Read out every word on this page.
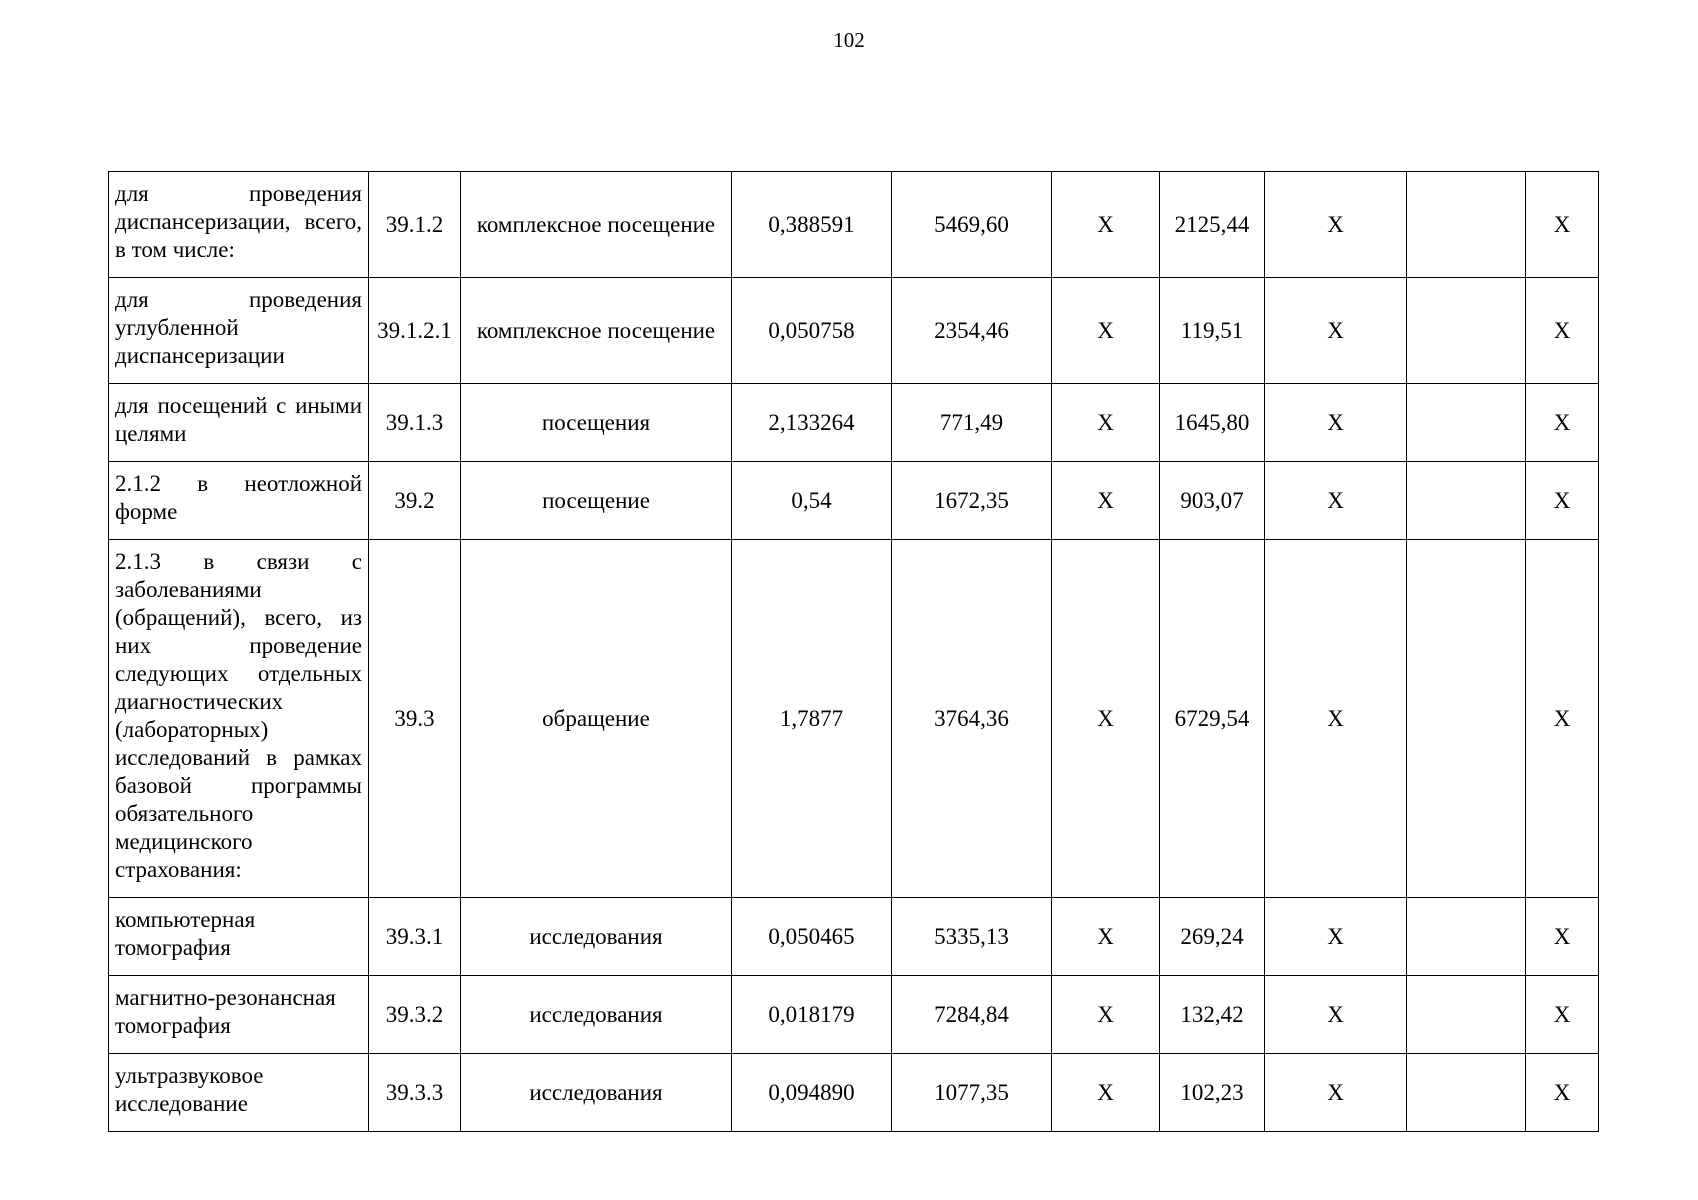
102
для проведения диспансеризации, всего, в том числе:	39.1.2	комплексное посещение	0,388591	5469,60	Х	2125,44	Х		Х
для проведения углубленной диспансеризации	39.1.2.1	комплексное посещение	0,050758	2354,46	Х	119,51	Х		Х
для посещений с иными целями	39.1.3	посещения	2,133264	771,49	Х	1645,80	Х		Х
2.1.2 в неотложной форме	39.2	посещение	0,54	1672,35	Х	903,07	Х		Х
2.1.3 в связи с заболеваниями (обращений), всего, из них проведение следующих отдельных диагностических (лабораторных) исследований в рамках базовой программы обязательного медицинского страхования:	39.3	обращение	1,7877	3764,36	Х	6729,54	Х		Х
компьютерная томография	39.3.1	исследования	0,050465	5335,13	Х	269,24	Х		Х
магнитно-резонансная томография	39.3.2	исследования	0,018179	7284,84	Х	132,42	Х		Х
ультразвуковое исследование	39.3.3	исследования	0,094890	1077,35	Х	102,23	Х		Х
